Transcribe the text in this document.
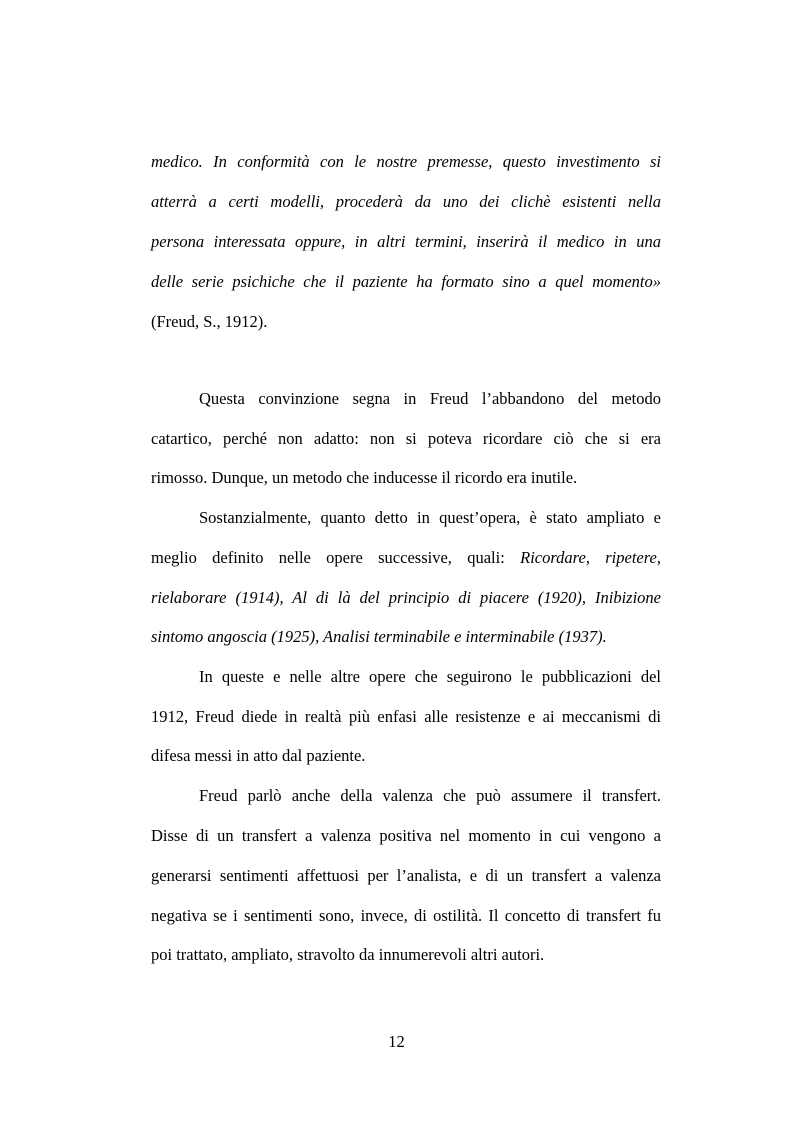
medico. In conformità con le nostre premesse, questo investimento si
atterrà a certi modelli, procederà da uno dei clichè esistenti nella
persona interessata oppure, in altri termini, inserirà il medico in una
delle serie psichiche che il paziente ha formato sino a quel momento»
(Freud, S., 1912).
Questa convinzione segna in Freud l’abbandono del metodo
catartico, perché non adatto: non si poteva ricordare ciò che si era
rimosso. Dunque, un metodo che inducesse il ricordo era inutile.
Sostanzialmente, quanto detto in quest’opera, è stato ampliato e
meglio definito nelle opere successive, quali: Ricordare, ripetere,
rielaborare (1914), Al di là del principio di piacere (1920), Inibizione
sintomo angoscia (1925), Analisi terminabile e interminabile (1937).
In queste e nelle altre opere che seguirono le pubblicazioni del
1912, Freud diede in realtà più enfasi alle resistenze e ai meccanismi di
difesa messi in atto dal paziente.
Freud parlò anche della valenza che può assumere il transfert.
Disse di un transfert a valenza positiva nel momento in cui vengono a
generarsi sentimenti affettuosi per l’analista, e di un transfert a valenza
negativa se i sentimenti sono, invece, di ostilità. Il concetto di transfert fu
poi trattato, ampliato, stravolto da innumerevoli altri autori.
12
